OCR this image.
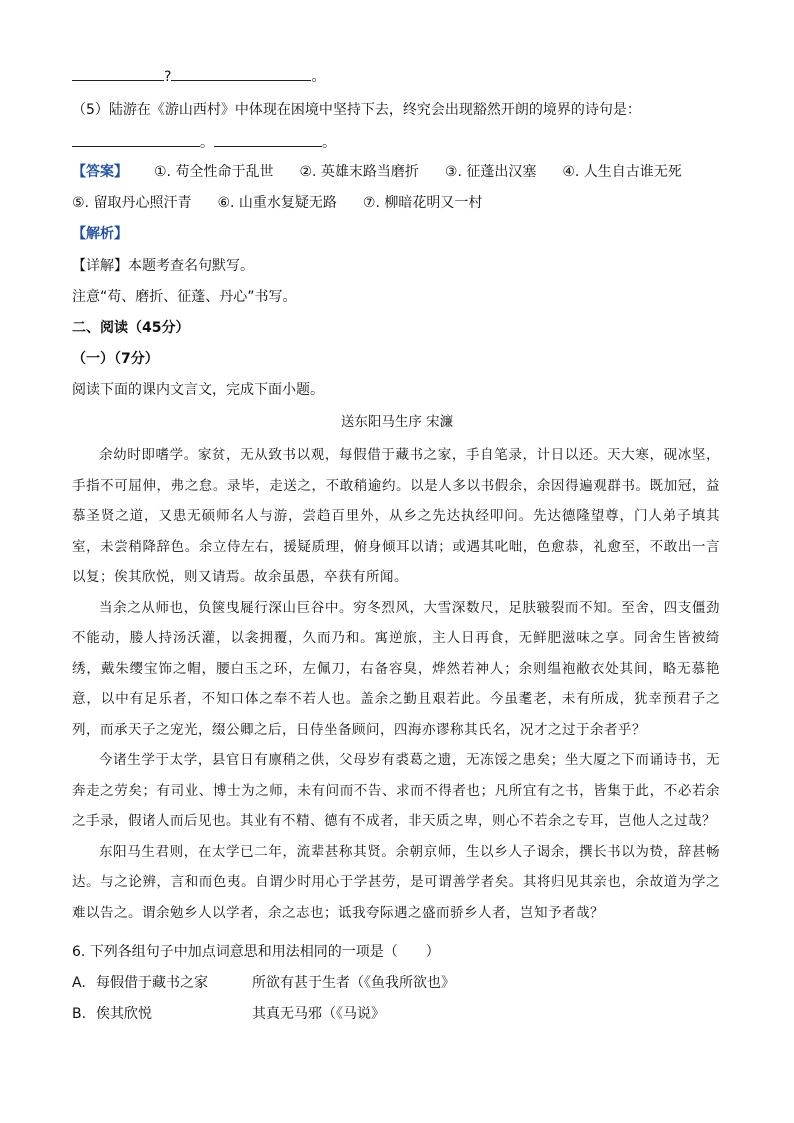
?	。
（5）陆游在《游山西村》中体现在困境中坚持下去，终究会出现豁然开朗的境界的诗句是：
。	。
【答案】 ①. 苟全性命于乱世 ②. 英雄末路当磨折 ③. 征蓬出汉塞 ④. 人生自古谁无死
⑤. 留取丹心照汗青 ⑥. 山重水复疑无路 ⑦. 柳暗花明又一村
【解析】
【详解】本题考查名句默写。
注意“苟、磨折、征蓬、丹心”书写。
二、阅读（45分）
（一）（7分）
阅读下面的课内文言文，完成下面小题。
送东阳马生序 宋濂

余幼时即嗜学。家贫，无从致书以观，每假借于藏书之家，手自笔录，计日以还。天大寒，砚冰坚，手指不可屈伸，弗之怠。录毕，走送之，不敢稍逾约。以是人多以书假余，余因得遍观群书。既加冠，益慕圣贤之道，又患无硕师名人与游，尝趋百里外，从乡之先达执经叩问。先达德隆望尊，门人弟子填其室，未尝稍降辞色。余立侍左右，援疑质理，俯身倾耳以请；或遇其叱咄，色愈恭，礼愈至，不敢出一言以复；俟其欣悦，则又请焉。故余虽愚，卒获有所闻。

当余之从师也，负箧曳屣行深山巨谷中。穷冬烈风，大雪深数尺，足肤皲裂而不知。至舍，四支僵劲不能动，媵人持汤沃灌，以衾拥覆，久而乃和。寓逆旅，主人日再食，无鲜肥滋味之享。同舍生皆被绮绣，戴朱缨宝饰之帽，腰白玉之环，左佩刀，右备容臭，烨然若神人；余则缊袍敝衣处其间，略无慕艳意，以中有足乐者，不知口体之奉不若人也。盖余之勤且艰若此。今虽耄老，未有所成，犹幸预君子之列，而承天子之宠光，缀公卿之后，日侍坐备顾问，四海亦谬称其氏名，况才之过于余者乎？

今诸生学于太学，县官日有廪稍之供，父母岁有裘葛之遗，无冻馁之患矣；坐大厦之下而诵诗书，无奔走之劳矣；有司业、博士为之师，未有问而不告、求而不得者也；凡所宜有之书，皆集于此，不必若余之手录，假诸人而后见也。其业有不精、德有不成者，非天质之卑，则心不若余之专耳，岂他人之过哉？

东阳马生君则，在太学已二年，流辈甚称其贤。余朝京师，生以乡人子谒余，撰长书以为贽，辞甚畅达。与之论辨，言和而色夷。自谓少时用心于学甚劳，是可谓善学者矣。其将归见其亲也，余故道为学之难以告之。谓余勉乡人以学者，余之志也；诋我夸际遇之盛而骄乡人者，岂知予者哉？

6. 下列各组句子中加点词意思和用法相同的一项是（　　）
A. 每假借于藏书之家	所欲有甚于生者（《鱼我所欲也》
B. 俟其欣悦	其真无马邪（《马说》
